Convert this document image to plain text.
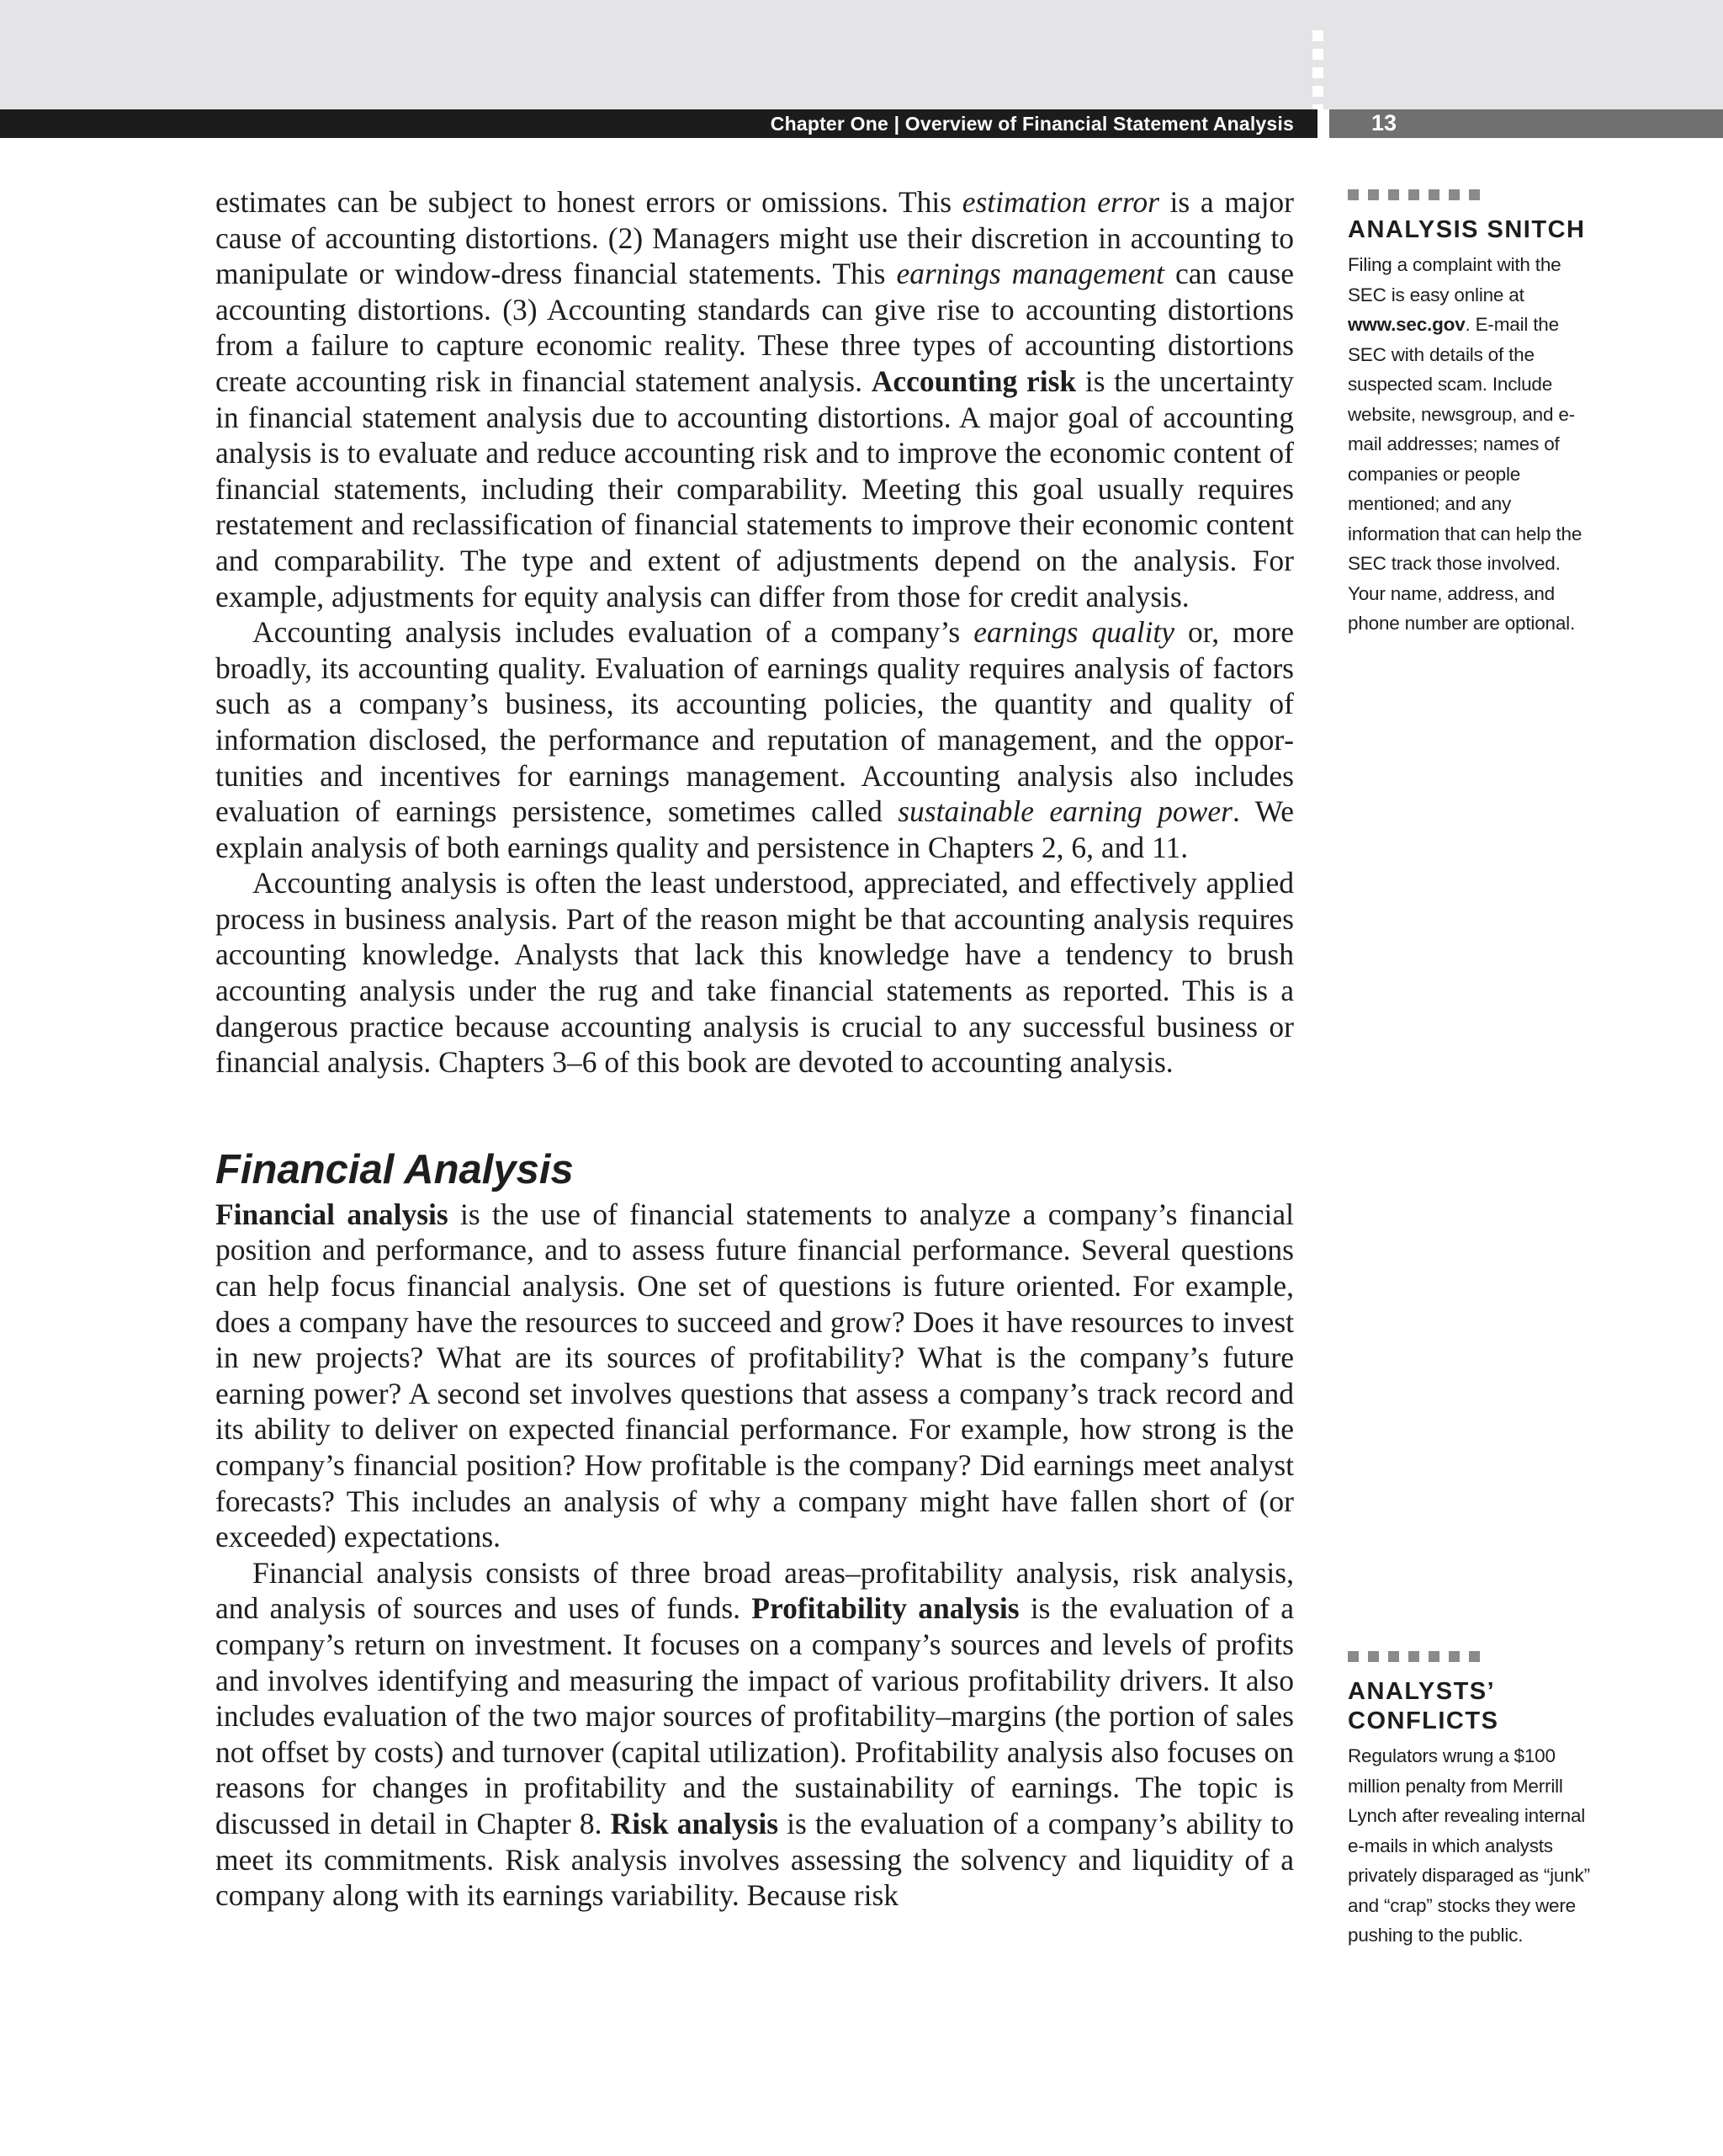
Chapter One | Overview of Financial Statement Analysis	13

estimates can be subject to honest errors or omissions. This estimation error is a major cause of accounting distortions. (2) Managers might use their discretion in accounting to manipulate or window-dress financial statements. This earnings management can cause accounting distortions. (3) Accounting standards can give rise to accounting distortions from a failure to capture economic reality. These three types of accounting distortions create accounting risk in financial statement analysis. Accounting risk is the uncertainty in financial statement analysis due to accounting distortions. A major goal of accounting analysis is to evaluate and reduce accounting risk and to improve the economic content of financial statements, including their comparability. Meeting this goal usually requires restatement and reclassification of financial statements to improve their economic content and comparability. The type and extent of adjustments depend on the analysis. For example, adjustments for equity analysis can differ from those for credit analysis.

Accounting analysis includes evaluation of a company’s earnings quality or, more broadly, its accounting quality. Evaluation of earnings quality requires analysis of factors such as a company’s business, its accounting policies, the quantity and quality of information disclosed, the performance and reputation of management, and the opportunities and incentives for earnings management. Accounting analysis also includes evaluation of earnings persistence, sometimes called sustainable earning power. We explain analysis of both earnings quality and persistence in Chapters 2, 6, and 11.

Accounting analysis is often the least understood, appreciated, and effectively applied process in business analysis. Part of the reason might be that accounting analysis requires accounting knowledge. Analysts that lack this knowledge have a tendency to brush accounting analysis under the rug and take financial statements as reported. This is a dangerous practice because accounting analysis is crucial to any successful business or financial analysis. Chapters 3–6 of this book are devoted to accounting analysis.

Financial Analysis

Financial analysis is the use of financial statements to analyze a company’s financial position and performance, and to assess future financial performance. Several questions can help focus financial analysis. One set of questions is future oriented. For example, does a company have the resources to succeed and grow? Does it have resources to invest in new projects? What are its sources of profitability? What is the company’s future earning power? A second set involves questions that assess a company’s track record and its ability to deliver on expected financial performance. For example, how strong is the company’s financial position? How profitable is the company? Did earnings meet analyst forecasts? This includes an analysis of why a company might have fallen short of (or exceeded) expectations.

Financial analysis consists of three broad areas–profitability analysis, risk analysis, and analysis of sources and uses of funds. Profitability analysis is the evaluation of a company’s return on investment. It focuses on a company’s sources and levels of profits and involves identifying and measuring the impact of various profitability drivers. It also includes evaluation of the two major sources of profitability–margins (the portion of sales not offset by costs) and turnover (capital utilization). Profitability analysis also focuses on reasons for changes in profitability and the sustainability of earnings. The topic is discussed in detail in Chapter 8. Risk analysis is the evaluation of a company’s ability to meet its commitments. Risk analysis involves assessing the solvency and liquidity of a company along with its earnings variability. Because risk

ANALYSIS SNITCH
Filing a complaint with the SEC is easy online at www.sec.gov. E-mail the SEC with details of the suspected scam. Include website, newsgroup, and e-mail addresses; names of companies or people mentioned; and any information that can help the SEC track those involved. Your name, address, and phone number are optional.
ANALYSTS’
CONFLICTS
Regulators wrung a $100 million penalty from Merrill Lynch after revealing internal e-mails in which analysts privately disparaged as “junk” and “crap” stocks they were pushing to the public.
